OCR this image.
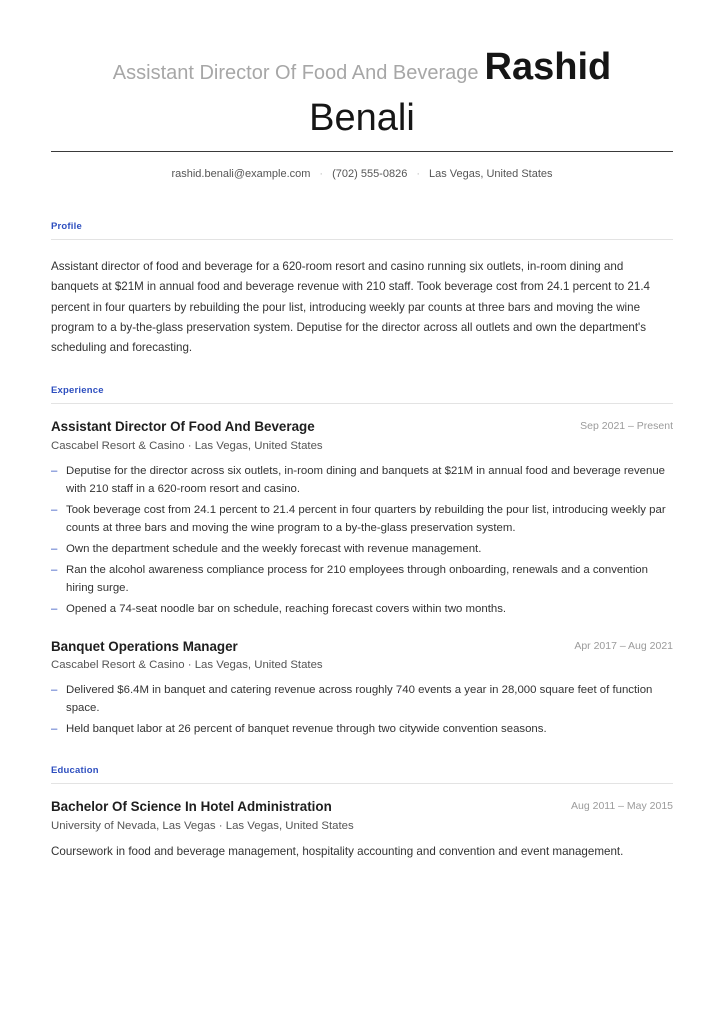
Assistant Director Of Food And Beverage Rashid
Benali
rashid.benali@example.com · (702) 555-0826 · Las Vegas, United States
Profile
Assistant director of food and beverage for a 620-room resort and casino running six outlets, in-room dining and banquets at $21M in annual food and beverage revenue with 210 staff. Took beverage cost from 24.1 percent to 21.4 percent in four quarters by rebuilding the pour list, introducing weekly par counts at three bars and moving the wine program to a by-the-glass preservation system. Deputise for the director across all outlets and own the department's scheduling and forecasting.
Experience
Assistant Director Of Food And Beverage	Sep 2021 – Present
Cascabel Resort & Casino · Las Vegas, United States
– Deputise for the director across six outlets, in-room dining and banquets at $21M in annual food and beverage revenue with 210 staff in a 620-room resort and casino.
– Took beverage cost from 24.1 percent to 21.4 percent in four quarters by rebuilding the pour list, introducing weekly par counts at three bars and moving the wine program to a by-the-glass preservation system.
– Own the department schedule and the weekly forecast with revenue management.
– Ran the alcohol awareness compliance process for 210 employees through onboarding, renewals and a convention hiring surge.
– Opened a 74-seat noodle bar on schedule, reaching forecast covers within two months.
Banquet Operations Manager	Apr 2017 – Aug 2021
Cascabel Resort & Casino · Las Vegas, United States
– Delivered $6.4M in banquet and catering revenue across roughly 740 events a year in 28,000 square feet of function space.
– Held banquet labor at 26 percent of banquet revenue through two citywide convention seasons.
Education
Bachelor Of Science In Hotel Administration	Aug 2011 – May 2015
University of Nevada, Las Vegas · Las Vegas, United States
Coursework in food and beverage management, hospitality accounting and convention and event management.
